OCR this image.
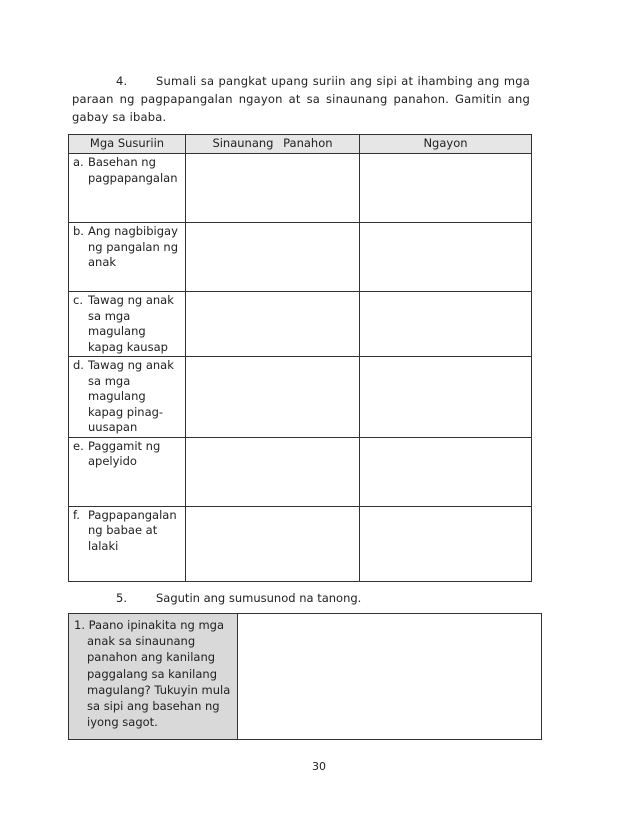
4. Sumali sa pangkat upang suriin ang sipi at ihambing ang mga paraan ng pagpapangalan ngayon at sa sinaunang panahon. Gamitin ang gabay sa ibaba.
Mga Susuriin	Sinaunang Panahon	Ngayon

a. Basehan ng pagpapangalan		

b. Ang nagbibigay ng pangalan ng anak		

c. Tawag ng anak sa mga magulang kapag kausap		

d. Tawag ng anak sa mga magulang kapag pinag-uusapan		

e. Paggamit ng apelyido		

f. Pagpapangalan ng babae at lalaki		

5.	Sagutin ang sumusunod na tanong.
1. Paano ipinakita ng mga anak sa sinaunang panahon ang kanilang paggalang sa kanilang magulang? Tukuyin mula sa sipi ang basehan ng iyong sagot.

30
